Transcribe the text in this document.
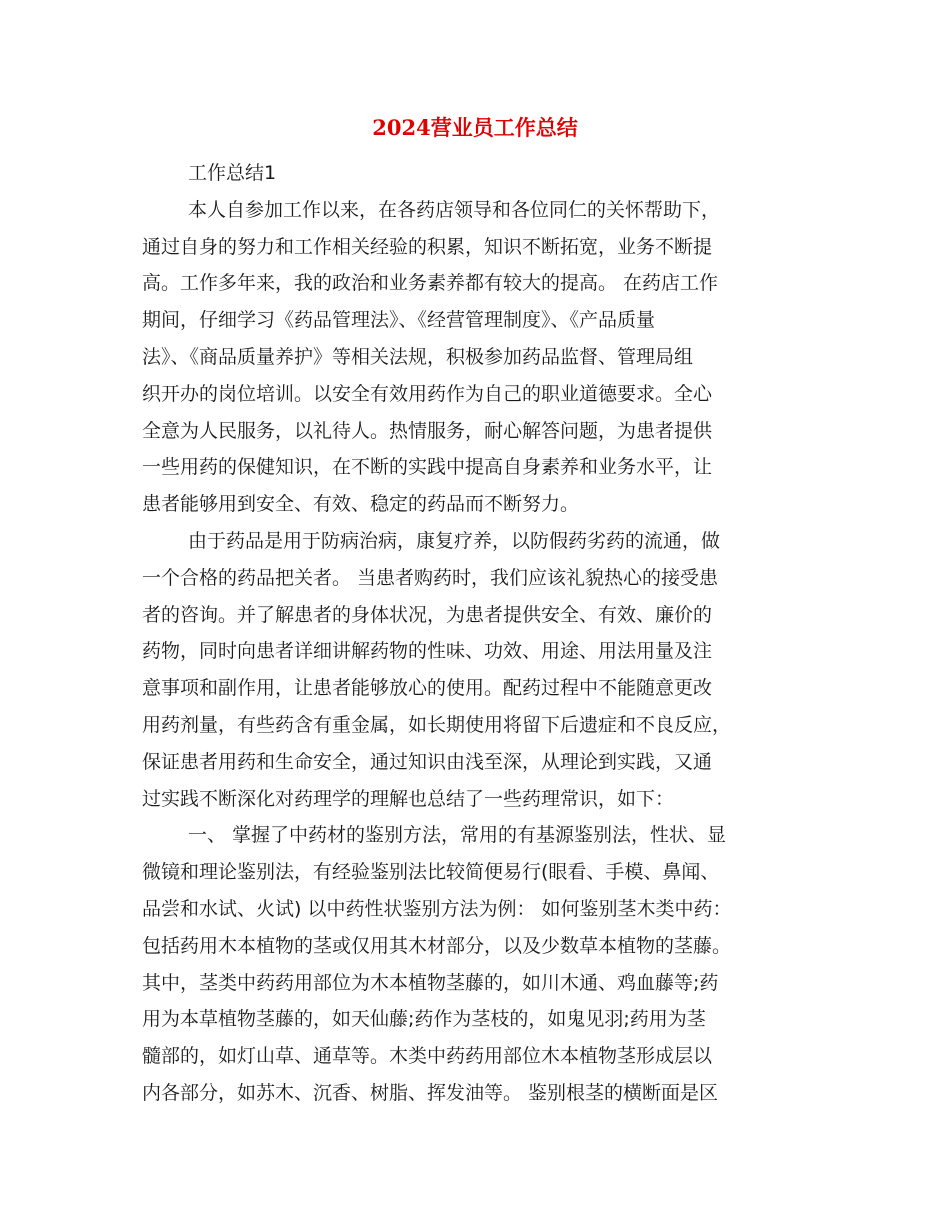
2024营业员工作总结
工作总结1
本人自参加工作以来，在各药店领导和各位同仁的关怀帮助下，
通过自身的努力和工作相关经验的积累，知识不断拓宽，业务不断提
高。工作多年来，我的政治和业务素养都有较大的提高。 在药店工作
期间，仔细学习《药品管理法》、《经营管理制度》、《产品质量
法》、《商品质量养护》等相关法规，积极参加药品监督、管理局组
织开办的岗位培训。以安全有效用药作为自己的职业道德要求。全心
全意为人民服务，以礼待人。热情服务，耐心解答问题，为患者提供
一些用药的保健知识，在不断的实践中提高自身素养和业务水平，让
患者能够用到安全、有效、稳定的药品而不断努力。
由于药品是用于防病治病，康复疗养，以防假药劣药的流通，做
一个合格的药品把关者。 当患者购药时，我们应该礼貌热心的接受患
者的咨询。并了解患者的身体状况，为患者提供安全、有效、廉价的
药物，同时向患者详细讲解药物的性味、功效、用途、用法用量及注
意事项和副作用，让患者能够放心的使用。配药过程中不能随意更改
用药剂量，有些药含有重金属，如长期使用将留下后遗症和不良反应，
保证患者用药和生命安全，通过知识由浅至深，从理论到实践，又通
过实践不断深化对药理学的理解也总结了一些药理常识，如下：
一、 掌握了中药材的鉴别方法，常用的有基源鉴别法，性状、显
微镜和理论鉴别法，有经验鉴别法比较简便易行(眼看、手模、鼻闻、
品尝和水试、火试) 以中药性状鉴别方法为例： 如何鉴别茎木类中药：
包括药用木本植物的茎或仅用其木材部分，以及少数草本植物的茎藤。
其中，茎类中药药用部位为木本植物茎藤的，如川木通、鸡血藤等;药
用为本草植物茎藤的，如天仙藤;药作为茎枝的，如鬼见羽;药用为茎
髓部的，如灯山草、通草等。木类中药药用部位木本植物茎形成层以
内各部分，如苏木、沉香、树脂、挥发油等。 鉴别根茎的横断面是区
